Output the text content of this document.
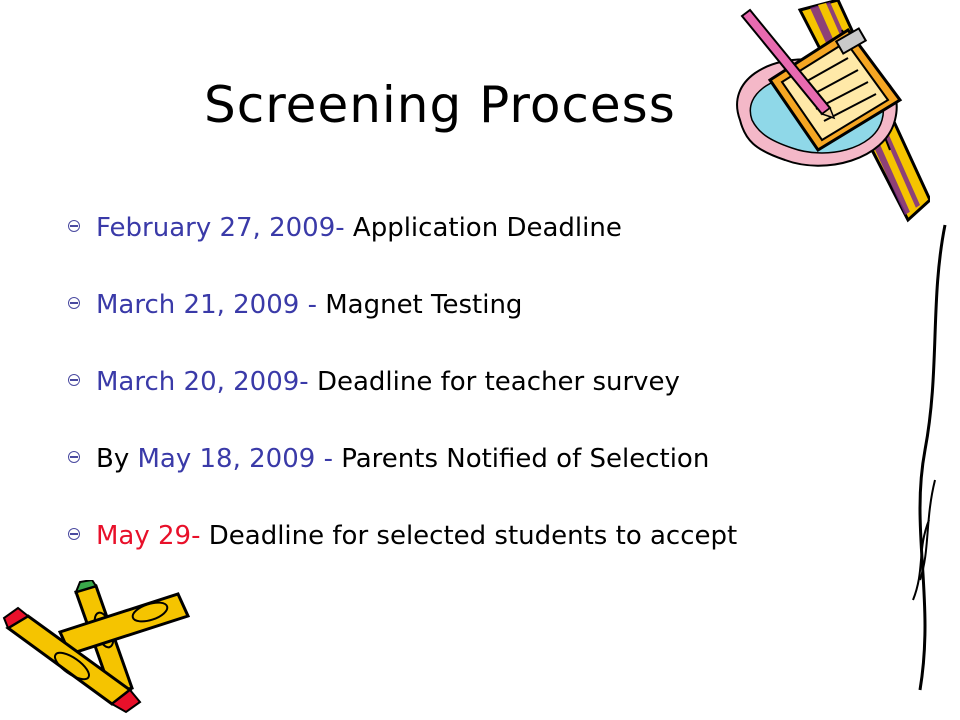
Screening Process
February 27, 2009- Application Deadline
March 21, 2009 - Magnet Testing
March 20, 2009- Deadline for teacher survey
By May 18, 2009 - Parents Notified of Selection
May 29- Deadline for selected students to accept
